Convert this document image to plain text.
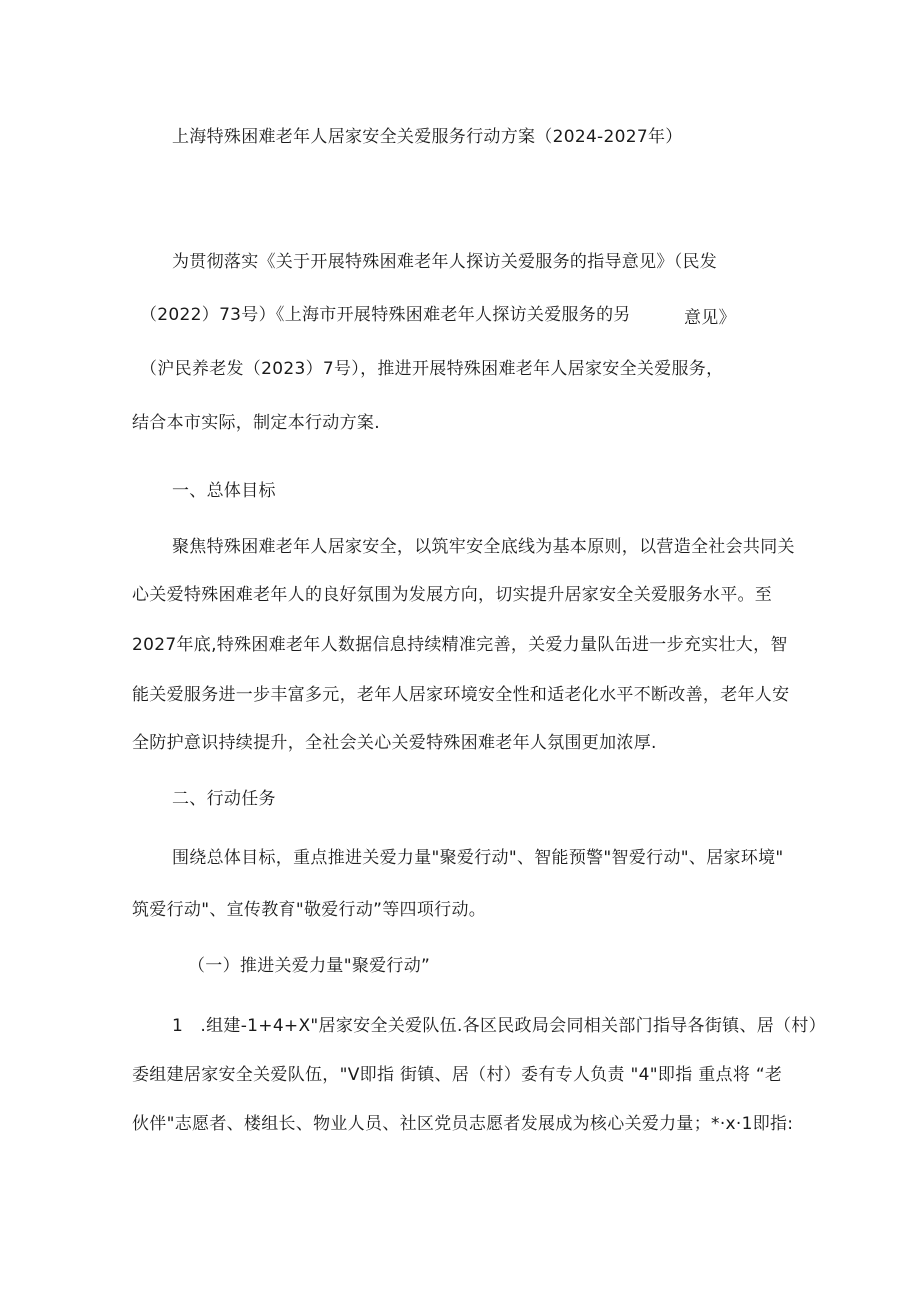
上海特殊困难老年人居家安全关爱服务行动方案（2024-2027年）
为贯彻落实《关于开展特殊困难老年人探访关爱服务的指导意见》（民发
（2022）73号）《上海市开展特殊困难老年人探访关爱服务的另	意见》
（沪民养老发（2023）7号），推进开展特殊困难老年人居家安全关爱服务，
结合本市实际，制定本行动方案.
一、总体目标
聚焦特殊困难老年人居家安全，以筑牢安全底线为基本原则，以营造全社会共同关
心关爱特殊困难老年人的良好氛围为发展方向，切实提升居家安全关爱服务水平。至
2027年底,特殊困难老年人数据信息持续精准完善，关爱力量队缶进一步充实壮大，智
能关爱服务进一步丰富多元，老年人居家环境安全性和适老化水平不断改善，老年人安
全防护意识持续提升，全社会关心关爱特殊困难老年人氛围更加浓厚.
二、行动任务
围绕总体目标，重点推进关爱力量"聚爱行动"、智能预警"智爱行动"、居家环境"
筑爱行动"、宣传教育"敬爱行动”等四项行动。
（一）推进关爱力量"聚爱行动”
1　.组建-1+4+X"居家安全关爱队伍.各区民政局会同相关部门指导各街镇、居（村）
委组建居家安全关爱队伍，"V即指 街镇、居（村）委有专人负责 "4"即指 重点将 “老
伙伴"志愿者、楼组长、物业人员、社区党员志愿者发展成为核心关爱力量；*·x·1即指:
